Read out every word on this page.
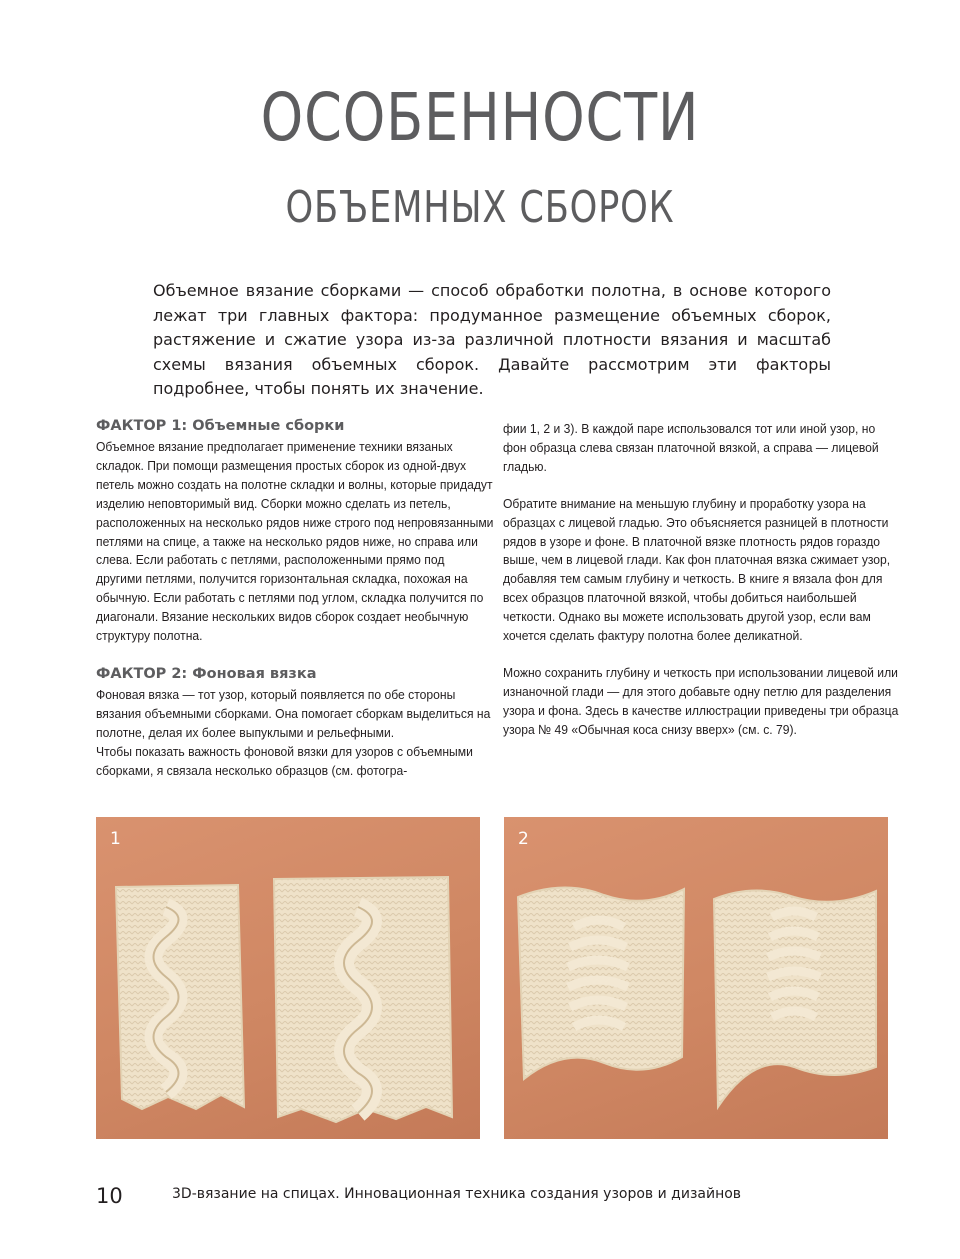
ОСОБЕННОСТИ
ОБЪЕМНЫХ СБОРОК
Объемное вязание сборками — способ обработки полотна, в основе которого лежат три главных фактора: продуманное размещение объемных сборок, растяжение и сжатие узора из-за различной плотности вязания и масштаб схемы вязания объемных сборок. Давайте рассмотрим эти факторы подробнее, чтобы понять их значение.
ФАКТОР 1: Объемные сборки

Объемное вязание предполагает применение техники вязаных складок. При помощи размещения простых сборок из одной-двух петель можно создать на полотне складки и волны, которые придадут изделию неповторимый вид. Сборки можно сделать из петель, расположенных на несколько рядов ниже строго под непровязанными петлями на спице, а также на несколько рядов ниже, но справа или слева. Если работать с петлями, расположенными прямо под другими петлями, получится горизонтальная складка, похожая на обычную. Если работать с петлями под углом, складка получится по диагонали. Вязание нескольких видов сборок создает необычную структуру полотна.

ФАКТОР 2: Фоновая вязка

Фоновая вязка — тот узор, который появляется по обе стороны вязания объемными сборками. Она помогает сборкам выделиться на полотне, делая их более выпуклыми и рельефными.

Чтобы показать важность фоновой вязки для узоров с объемными сборками, я связала несколько образцов (см. фотогра-

фии 1, 2 и 3). В каждой паре использовался тот или иной узор, но фон образца слева связан платочной вязкой, а справа — лицевой гладью.

Обратите внимание на меньшую глубину и проработку узора на образцах с лицевой гладью. Это объясняется разницей в плотности рядов в узоре и фоне. В платочной вязке плотность рядов гораздо выше, чем в лицевой глади. Как фон платочная вязка сжимает узор, добавляя тем самым глубину и четкость. В книге я вязала фон для всех образцов платочной вязкой, чтобы добиться наибольшей четкости. Однако вы можете использовать другой узор, если вам хочется сделать фактуру полотна более деликатной.

Можно сохранить глубину и четкость при использовании лицевой или изнаночной глади — для этого добавьте одну петлю для разделения узора и фона. Здесь в качестве иллюстрации приведены три образца узора № 49 «Обычная коса снизу вверх» (см. с. 79).

1	2
10	3D-вязание на спицах. Инновационная техника создания узоров и дизайнов
